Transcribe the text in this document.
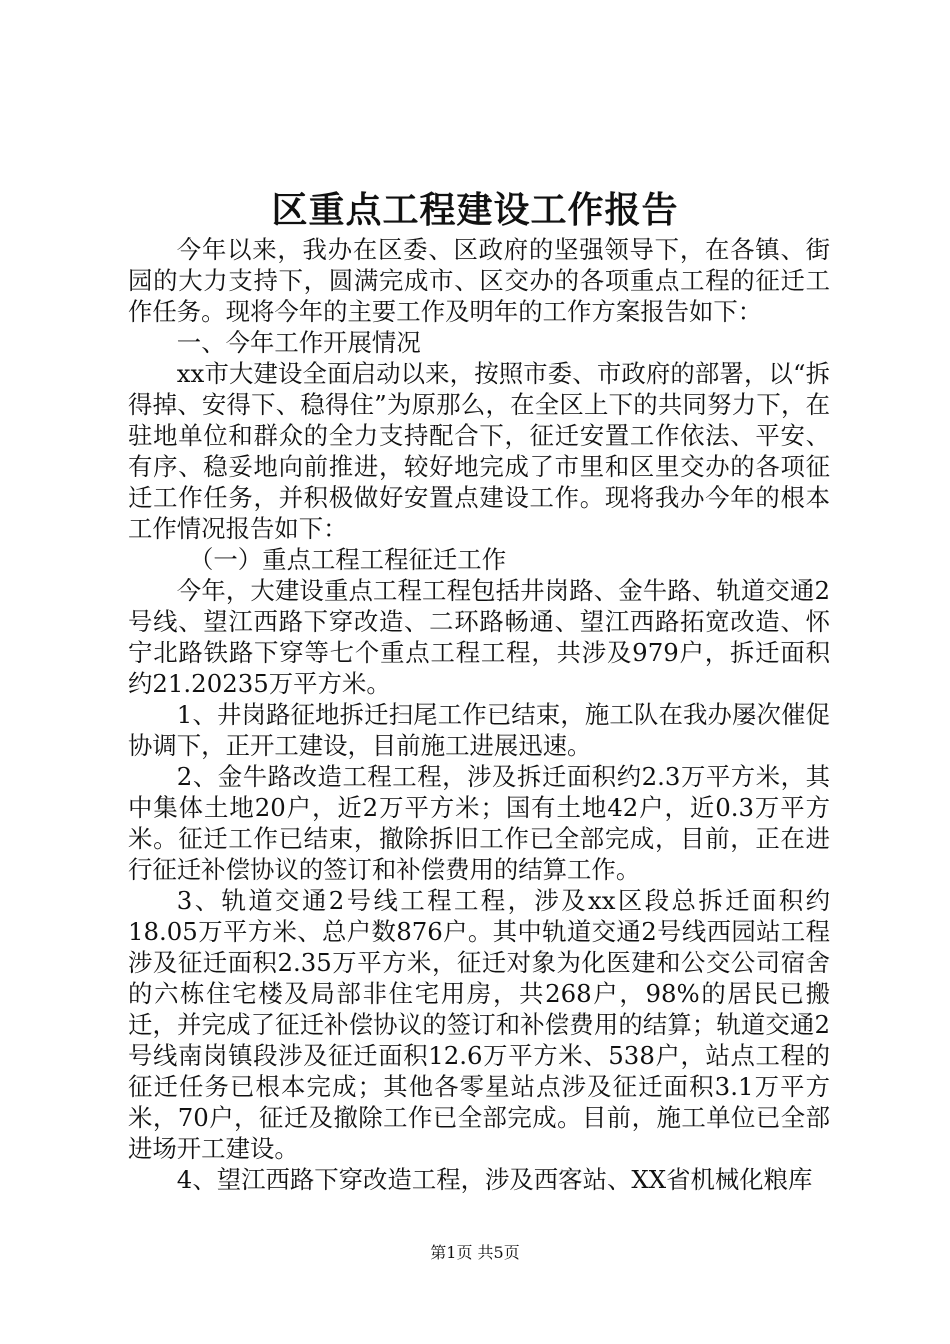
区重点工程建设工作报告

今年以来，我办在区委、区政府的坚强领导下，在各镇、街园的大力支持下，圆满完成市、区交办的各项重点工程的征迁工作任务。现将今年的主要工作及明年的工作方案报告如下：

一、今年工作开展情况

xx市大建设全面启动以来，按照市委、市政府的部署，以“拆得掉、安得下、稳得住”为原那么，在全区上下的共同努力下，在驻地单位和群众的全力支持配合下，征迁安置工作依法、平安、有序、稳妥地向前推进，较好地完成了市里和区里交办的各项征迁工作任务，并积极做好安置点建设工作。现将我办今年的根本工作情况报告如下：

（一）重点工程工程征迁工作

今年，大建设重点工程工程包括井岗路、金牛路、轨道交通2号线、望江西路下穿改造、二环路畅通、望江西路拓宽改造、怀宁北路铁路下穿等七个重点工程工程，共涉及979户，拆迁面积约21.20235万平方米。

1、井岗路征地拆迁扫尾工作已结束，施工队在我办屡次催促协调下，正开工建设，目前施工进展迅速。

2、金牛路改造工程工程，涉及拆迁面积约2.3万平方米，其中集体土地20户，近2万平方米；国有土地42户，近0.3万平方米。征迁工作已结束，撤除拆旧工作已全部完成，目前，正在进行征迁补偿协议的签订和补偿费用的结算工作。

3、轨道交通2号线工程工程，涉及xx区段总拆迁面积约18.05万平方米、总户数876户。其中轨道交通2号线西园站工程涉及征迁面积2.35万平方米，征迁对象为化医建和公交公司宿舍的六栋住宅楼及局部非住宅用房，共268户，98%的居民已搬迁，并完成了征迁补偿协议的签订和补偿费用的结算；轨道交通2号线南岗镇段涉及征迁面积12.6万平方米、538户，站点工程的征迁任务已根本完成；其他各零星站点涉及征迁面积3.1万平方米，70户，征迁及撤除工作已全部完成。目前，施工单位已全部进场开工建设。

4、望江西路下穿改造工程，涉及西客站、XX省机械化粮库

第1页 共5页
